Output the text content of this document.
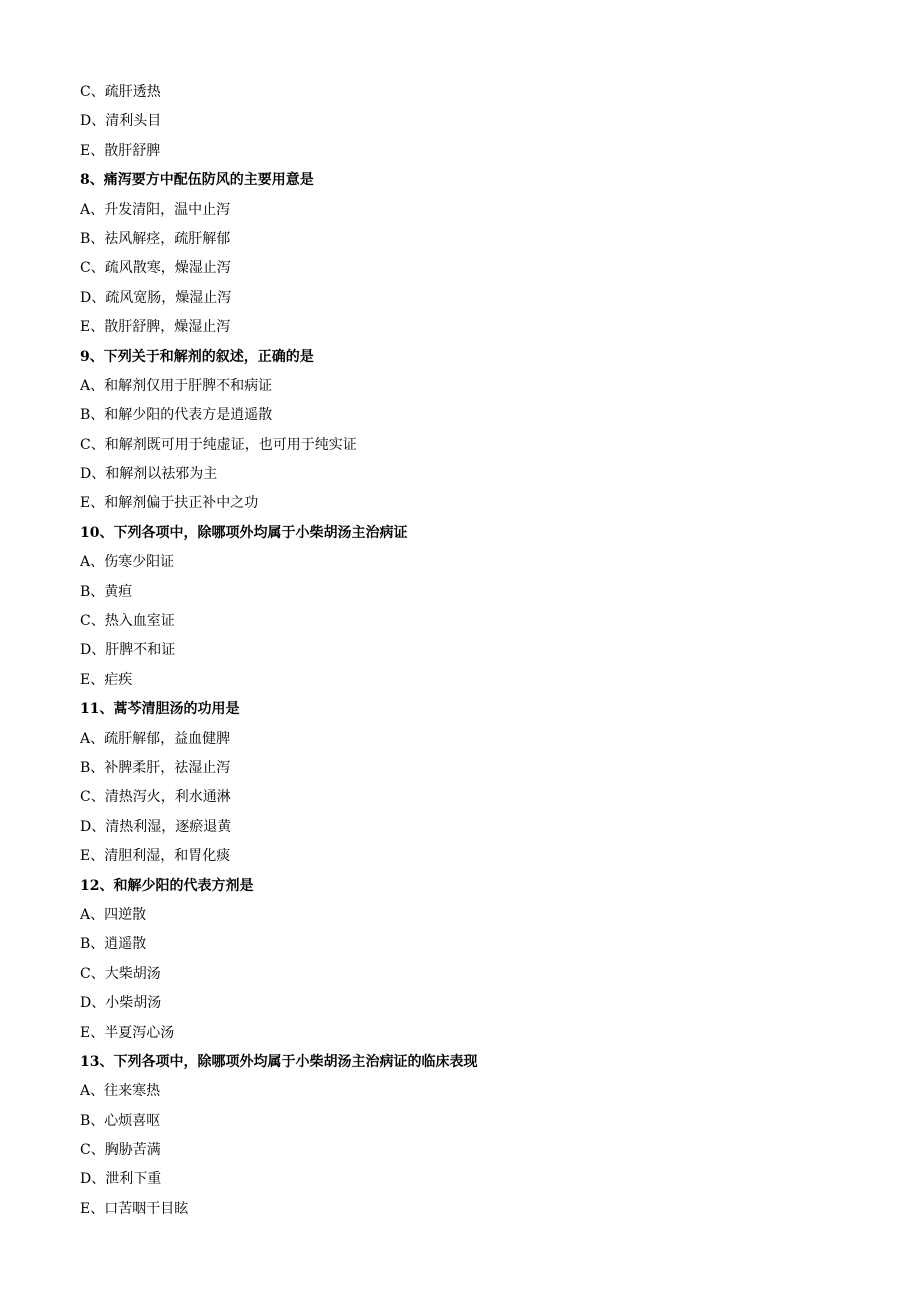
C、疏肝透热
D、清利头目
E、散肝舒脾
8、痛泻要方中配伍防风的主要用意是
A、升发清阳，温中止泻
B、祛风解痉，疏肝解郁
C、疏风散寒，燥湿止泻
D、疏风宽肠，燥湿止泻
E、散肝舒脾，燥湿止泻
9、下列关于和解剂的叙述，正确的是
A、和解剂仅用于肝脾不和病证
B、和解少阳的代表方是逍遥散
C、和解剂既可用于纯虚证，也可用于纯实证
D、和解剂以祛邪为主
E、和解剂偏于扶正补中之功
10、下列各项中，除哪项外均属于小柴胡汤主治病证
A、伤寒少阳证
B、黄疸
C、热入血室证
D、肝脾不和证
E、疟疾
11、蒿芩清胆汤的功用是
A、疏肝解郁，益血健脾
B、补脾柔肝，祛湿止泻
C、清热泻火，利水通淋
D、清热利湿，逐瘀退黄
E、清胆利湿，和胃化痰
12、和解少阳的代表方剂是
A、四逆散
B、逍遥散
C、大柴胡汤
D、小柴胡汤
E、半夏泻心汤
13、下列各项中，除哪项外均属于小柴胡汤主治病证的临床表现
A、往来寒热
B、心烦喜呕
C、胸胁苦满
D、泄利下重
E、口苦咽干目眩
